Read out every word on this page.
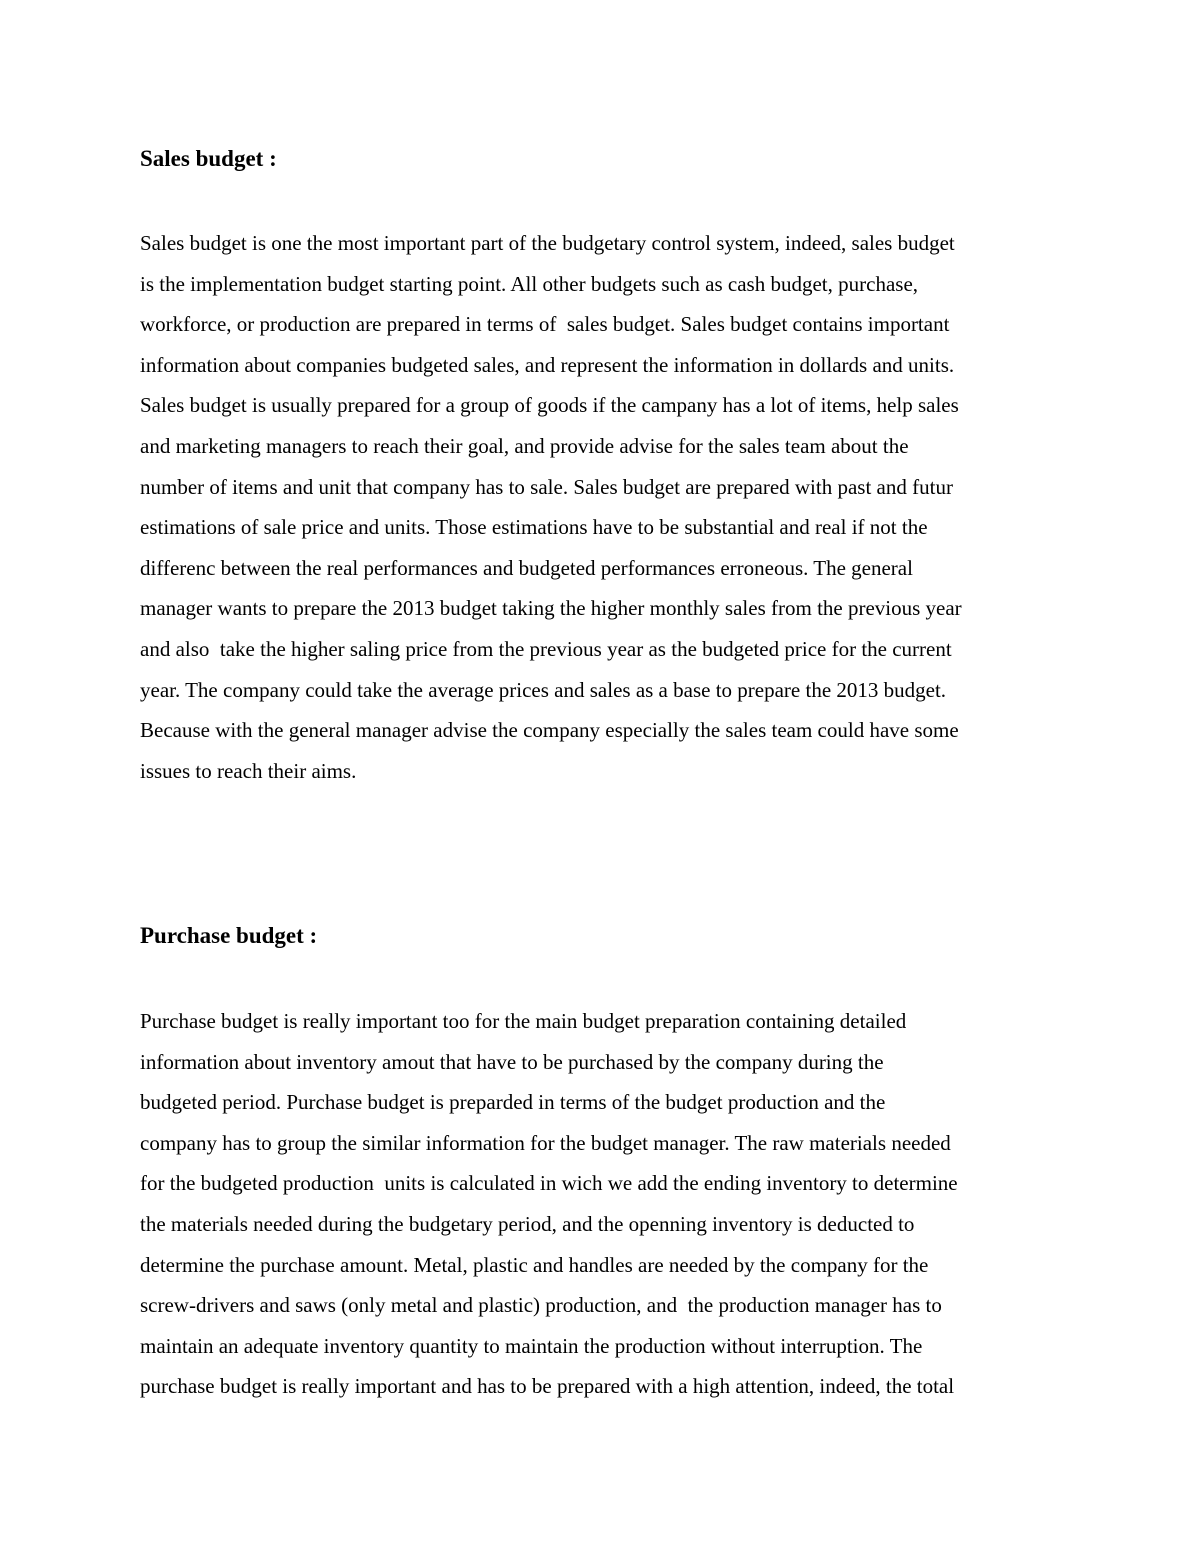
Sales budget :
Sales budget is one the most important part of the budgetary control system, indeed, sales budget
is the implementation budget starting point. All other budgets such as cash budget, purchase,
workforce, or production are prepared in terms of  sales budget. Sales budget contains important
information about companies budgeted sales, and represent the information in dollards and units.
Sales budget is usually prepared for a group of goods if the campany has a lot of items, help sales
and marketing managers to reach their goal, and provide advise for the sales team about the
number of items and unit that company has to sale. Sales budget are prepared with past and futur
estimations of sale price and units. Those estimations have to be substantial and real if not the
differenc between the real performances and budgeted performances erroneous. The general
manager wants to prepare the 2013 budget taking the higher monthly sales from the previous year
and also  take the higher saling price from the previous year as the budgeted price for the current
year. The company could take the average prices and sales as a base to prepare the 2013 budget.
Because with the general manager advise the company especially the sales team could have some
issues to reach their aims.
Purchase budget :
Purchase budget is really important too for the main budget preparation containing detailed
information about inventory amout that have to be purchased by the company during the
budgeted period. Purchase budget is preparded in terms of the budget production and the
company has to group the similar information for the budget manager. The raw materials needed
for the budgeted production  units is calculated in wich we add the ending inventory to determine
the materials needed during the budgetary period, and the openning inventory is deducted to
determine the purchase amount. Metal, plastic and handles are needed by the company for the
screw-drivers and saws (only metal and plastic) production, and  the production manager has to
maintain an adequate inventory quantity to maintain the production without interruption. The
purchase budget is really important and has to be prepared with a high attention, indeed, the total
